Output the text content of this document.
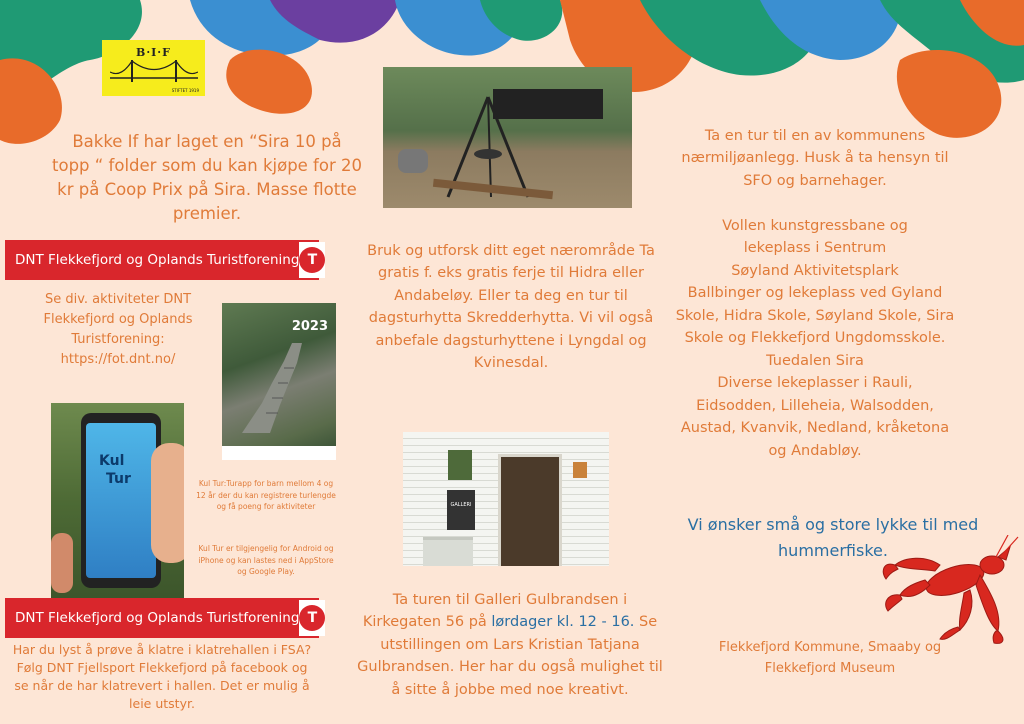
B·I·F
STIFTET 1919
Bakke If har laget en “Sira 10 på topp “ folder som du kan kjøpe for 20 kr på Coop Prix på Sira. Masse flotte premier.
DNT Flekkefjord og Oplands Turistforening T
Se div. aktiviteter DNT Flekkefjord og Oplands Turistforening: https://fot.dnt.no/
2023
Kul
Tur	Kul Tur:Turapp for barn mellom 4 og 12 år der du kan registrere turlengde og få poeng for aktiviteter
Kul Tur er tilgjengelig for Android og iPhone og kan lastes ned i AppStore og Google Play.
DNT Flekkefjord og Oplands Turistforening T
Har du lyst å prøve å klatre i klatrehallen i FSA? Følg DNT Fjellsport Flekkefjord på facebook og se når de har klatrevert i hallen. Det er mulig å leie utstyr.
Bruk og utforsk ditt eget nærområde Ta gratis f. eks gratis ferje til Hidra eller Andabeløy. Eller ta deg en tur til dagsturhytta Skredderhytta. Vi vil også anbefale dagsturhyttene i Lyngdal og Kvinesdal.
GALLERI
Ta turen til Galleri Gulbrandsen i Kirkegaten 56 på lørdager kl. 12 - 16. Se utstillingen om Lars Kristian Tatjana Gulbrandsen. Her har du også mulighet til å sitte å jobbe med noe kreativt.
Ta en tur til en av kommunens nærmiljøanlegg. Husk å ta hensyn til SFO og barnehager.
Vollen kunstgressbane og lekeplass i Sentrum
Søyland Aktivitetsplark
Ballbinger og lekeplass ved Gyland Skole, Hidra Skole, Søyland Skole, Sira Skole og Flekkefjord Ungdomsskole.
Tuedalen Sira
Diverse lekeplasser i Rauli, Eidsodden, Lilleheia, Walsodden, Austad, Kvanvik, Nedland, kråketona og Andabløy.
Vi ønsker små og store lykke til med hummerfiske.
Flekkefjord Kommune, Smaaby og Flekkefjord Museum
